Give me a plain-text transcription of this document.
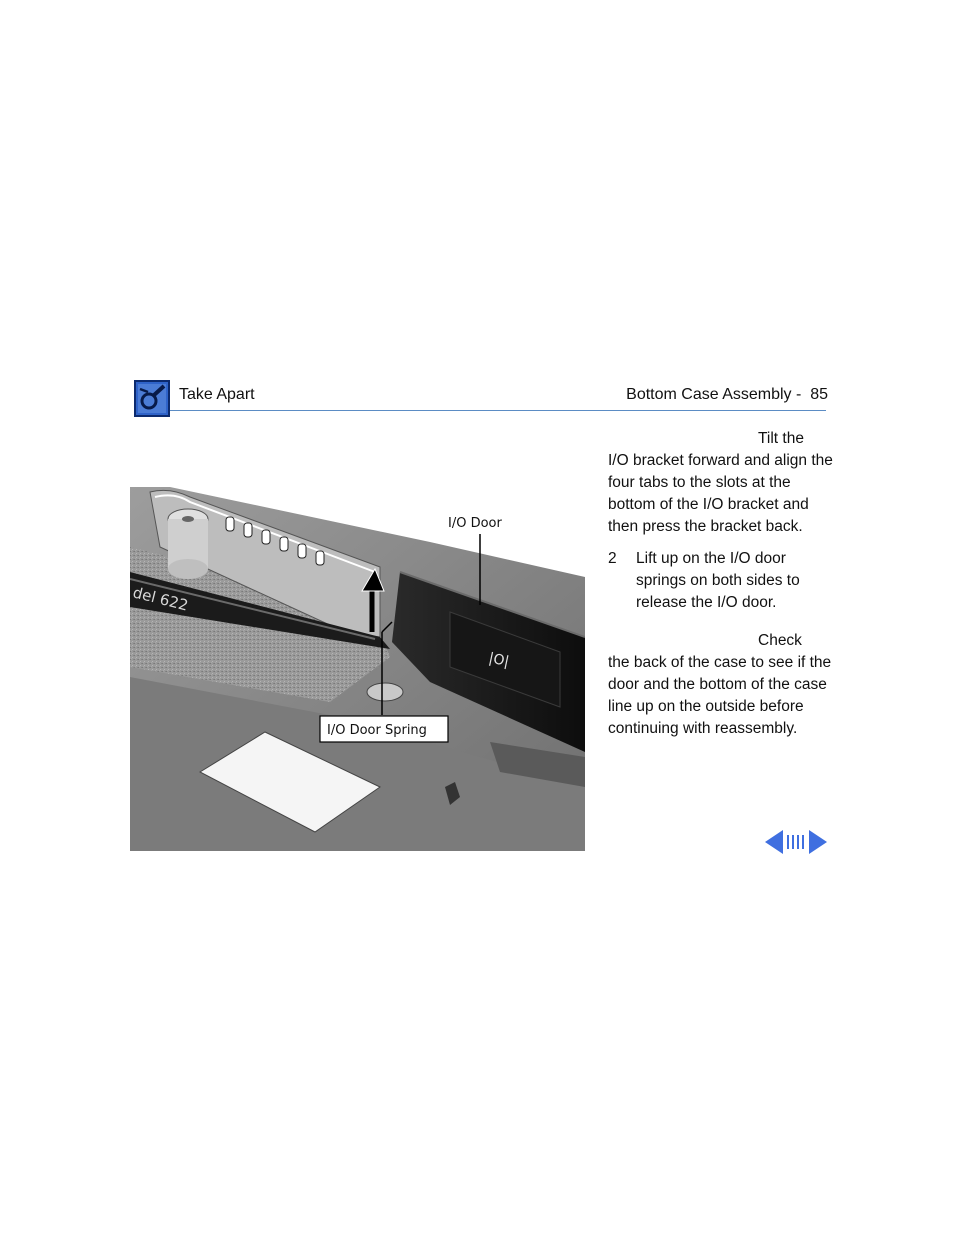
Take Apart	Bottom Case Assembly -  85
del 622
|O|
I/O Door
I/O Door Spring

Tilt the
I/O bracket forward and align the four tabs to the slots at the bottom of the I/O bracket and then press the bracket back.

2	Lift up on the I/O door springs on both sides to release the I/O door.

Check
the back of the case to see if the door and the bottom of the case line up on the outside before continuing with reassembly.
